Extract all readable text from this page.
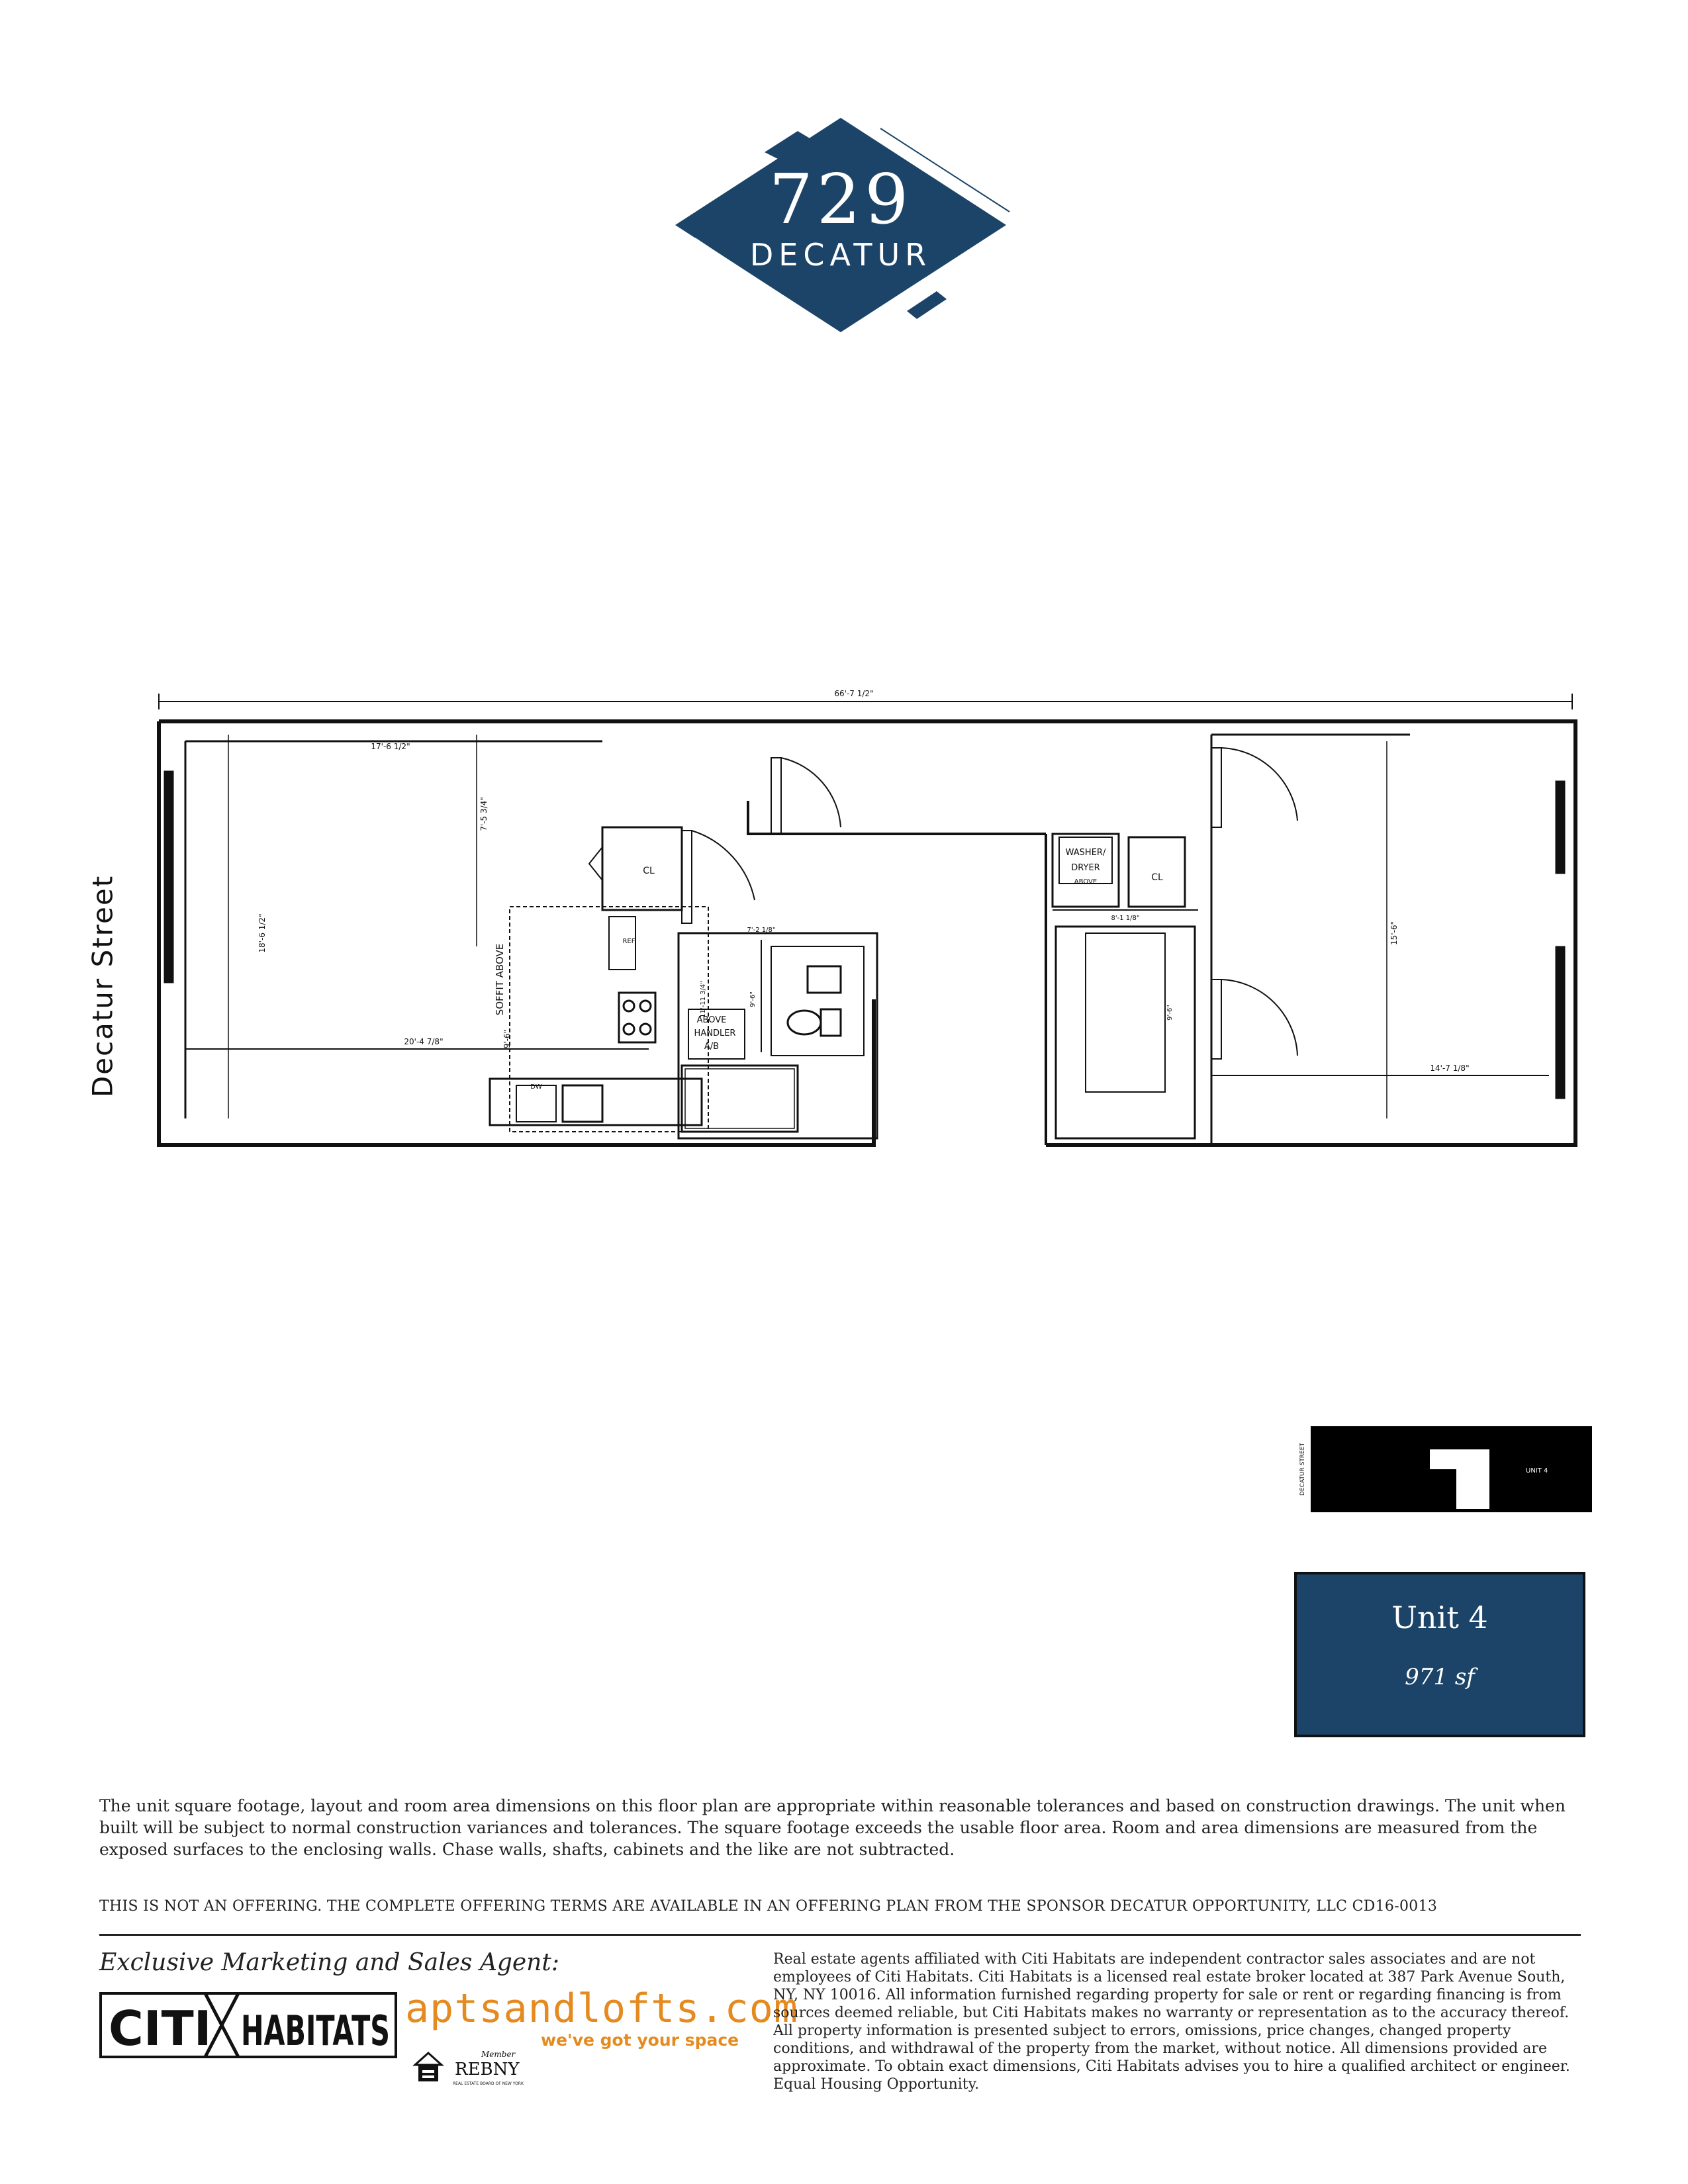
729
DECATUR
Decatur Street
66'-7 1/2"
17'-6 1/2"
18'-6 1/2"
20'-4 7/8"
7'-5 3/4"
SOFFIT ABOVE
9'-6"
REF
DW
CL
7'-2 1/8"
11'-11 3/4"	9'-6"
ABOVE
HANDLER
A/B
WASHER/
DRYER
ABOVE	CL
8'-1 1/8"
9'-6"
15'-6"
14'-7 1/8"
DECATUR STREET	UNIT 4
Unit 4
971 sf
The unit square footage, layout and room area dimensions on this floor plan are appropriate within reasonable tolerances and based on construction drawings. The unit when built will be subject to normal construction variances and tolerances. The square footage exceeds the usable floor area. Room and area dimensions are measured from the exposed surfaces to the enclosing walls. Chase walls, shafts, cabinets and the like are not subtracted.
THIS IS NOT AN OFFERING. THE COMPLETE OFFERING TERMS ARE AVAILABLE IN AN OFFERING PLAN FROM THE SPONSOR DECATUR OPPORTUNITY, LLC CD16-0013
Exclusive Marketing and Sales Agent:
CITI HABITATS aptsandlofts.com
we've got your space
Member
REBNY
REAL ESTATE BOARD OF NEW YORK
Real estate agents affiliated with Citi Habitats are independent contractor sales associates and are not employees of Citi Habitats. Citi Habitats is a licensed real estate broker located at 387 Park Avenue South, NY, NY 10016. All information furnished regarding property for sale or rent or regarding financing is from sources deemed reliable, but Citi Habitats makes no warranty or representation as to the accuracy thereof. All property information is presented subject to errors, omissions, price changes, changed property conditions, and withdrawal of the property from the market, without notice. All dimensions provided are approximate. To obtain exact dimensions, Citi Habitats advises you to hire a qualified architect or engineer. Equal Housing Opportunity.
